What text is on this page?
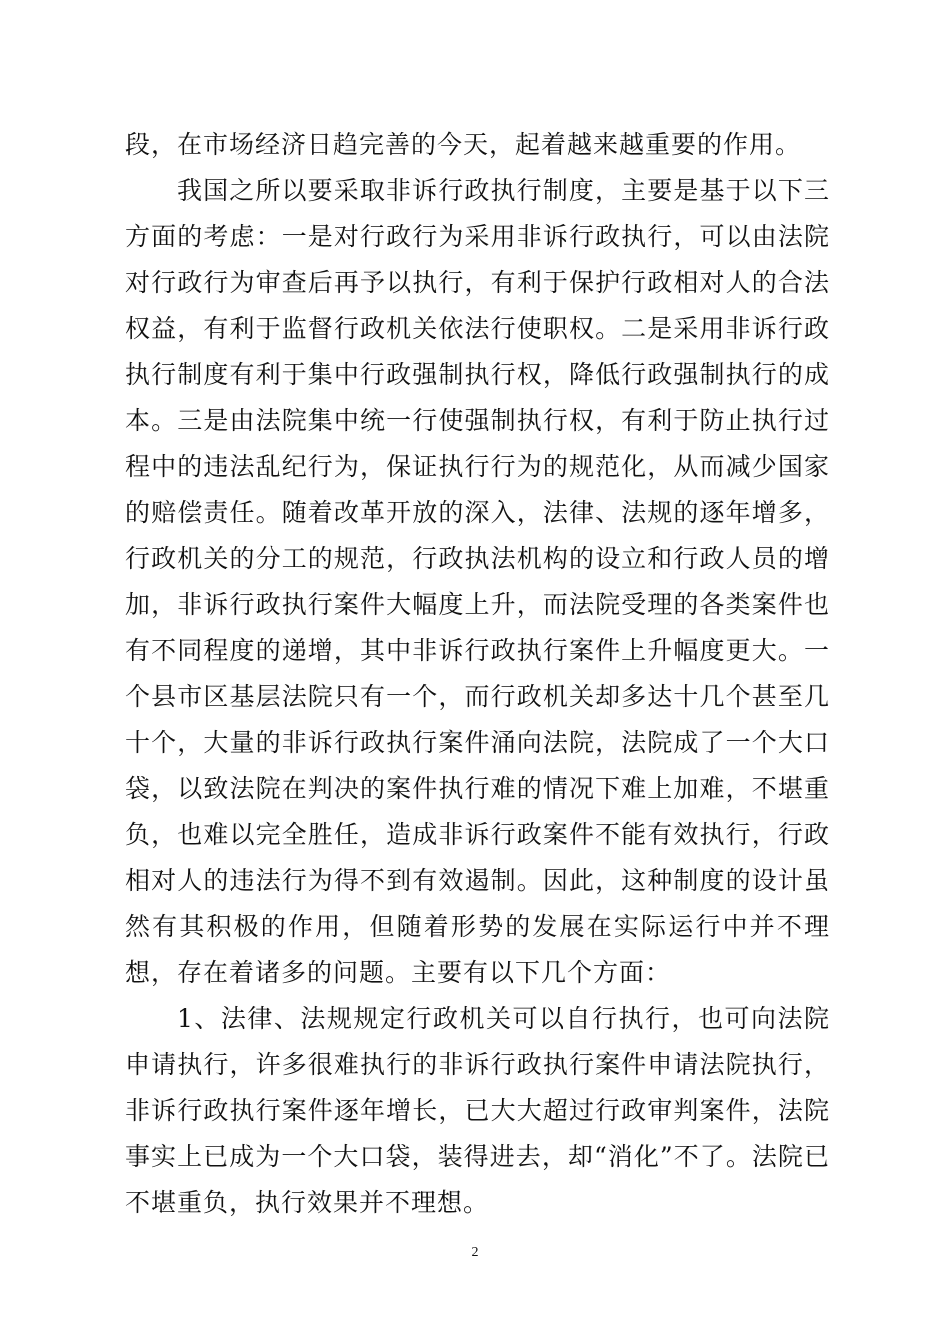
段，在市场经济日趋完善的今天，起着越来越重要的作用。

我国之所以要采取非诉行政执行制度，主要是基于以下三方面的考虑：一是对行政行为采用非诉行政执行，可以由法院对行政行为审查后再予以执行，有利于保护行政相对人的合法权益，有利于监督行政机关依法行使职权。二是采用非诉行政执行制度有利于集中行政强制执行权，降低行政强制执行的成本。三是由法院集中统一行使强制执行权，有利于防止执行过程中的违法乱纪行为，保证执行行为的规范化，从而减少国家的赔偿责任。随着改革开放的深入，法律、法规的逐年增多，行政机关的分工的规范，行政执法机构的设立和行政人员的增加，非诉行政执行案件大幅度上升，而法院受理的各类案件也有不同程度的递增，其中非诉行政执行案件上升幅度更大。一个县市区基层法院只有一个，而行政机关却多达十几个甚至几十个，大量的非诉行政执行案件涌向法院，法院成了一个大口袋，以致法院在判决的案件执行难的情况下难上加难，不堪重负，也难以完全胜任，造成非诉行政案件不能有效执行，行政相对人的违法行为得不到有效遏制。因此，这种制度的设计虽然有其积极的作用，但随着形势的发展在实际运行中并不理想，存在着诸多的问题。主要有以下几个方面：

1、法律、法规规定行政机关可以自行执行，也可向法院申请执行，许多很难执行的非诉行政执行案件申请法院执行，非诉行政执行案件逐年增长，已大大超过行政审判案件，法院事实上已成为一个大口袋，装得进去，却“消化”不了。法院已不堪重负，执行效果并不理想。

2
